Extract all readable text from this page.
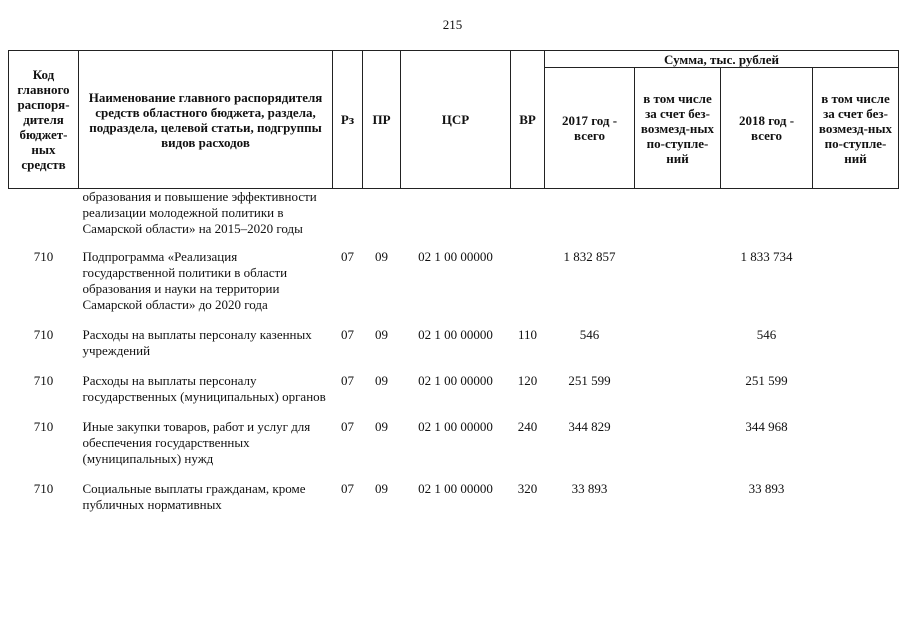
215
Код главного распоря-дителя бюджет-ных средств	Наименование главного распорядителя средств областного бюджета, раздела, подраздела, целевой статьи, подгруппы видов расходов	Рз	ПР	ЦСР	ВР	Сумма, тыс. рублей			
						2017 год - всего	в том числе за счет без-возмезд-ных по-ступле-ний	2018 год - всего	в том числе за счет без-возмезд-ных по-ступле-ний
	образования и повышение эффективности реализации молодежной политики в Самарской области» на 2015–2020 годы								
710	Подпрограмма «Реализация государственной политики в области образования и науки на территории Самарской области» до 2020 года	07	09	02 1 00 00000		1 832 857		1 833 734	
710	Расходы на выплаты персоналу казенных учреждений	07	09	02 1 00 00000	110	546		546	
710	Расходы на выплаты персоналу государственных (муниципальных) органов	07	09	02 1 00 00000	120	251 599		251 599	
710	Иные закупки товаров, работ и услуг для обеспечения государственных (муниципальных) нужд	07	09	02 1 00 00000	240	344 829		344 968	
710	Социальные выплаты гражданам, кроме публичных нормативных	07	09	02 1 00 00000	320	33 893		33 893	
